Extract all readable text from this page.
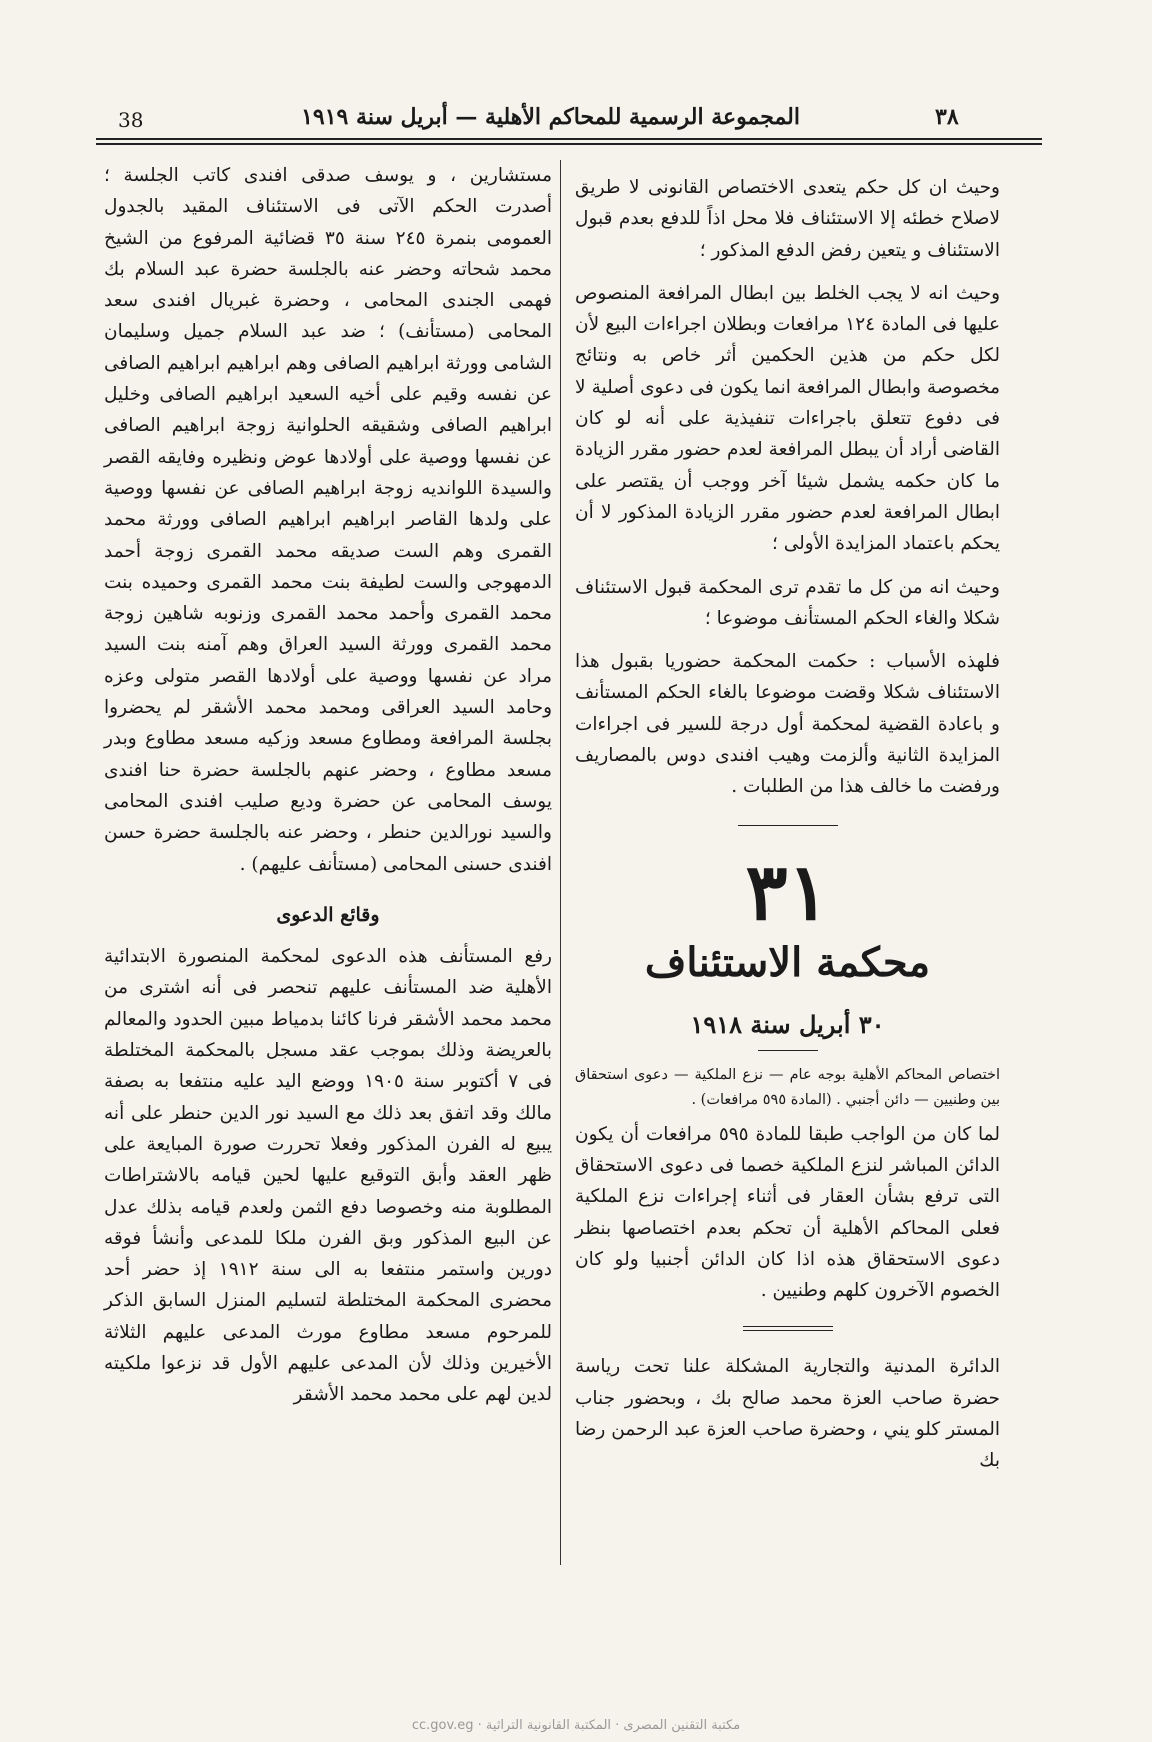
38	المجموعة الرسمية للمحاكم الأهلية — أبريل سنة ١٩١٩	٣٨

مستشارين ، و يوسف صدقى افندى كاتب الجلسة ؛ أصدرت الحكم الآتى فى الاستئناف المقيد بالجدول العمومى بنمرة ٢٤٥ سنة ٣٥ قضائية المرفوع من الشيخ محمد شحاته وحضر عنه بالجلسة حضرة عبد السلام بك فهمى الجندى المحامى ، وحضرة غبريال افندى سعد المحامى (مستأنف) ؛ ضد عبد السلام جميل وسليمان الشامى وورثة ابراهيم الصافى وهم ابراهيم ابراهيم الصافى عن نفسه وقيم على أخيه السعيد ابراهيم الصافى وخليل ابراهيم الصافى وشقيقه الحلوانية زوجة ابراهيم الصافى عن نفسها ووصية على أولادها عوض ونظيره وفايقه القصر والسيدة اللوانديه زوجة ابراهيم الصافى عن نفسها ووصية على ولدها القاصر ابراهيم ابراهيم الصافى وورثة محمد القمرى وهم الست صديقه محمد القمرى زوجة أحمد الدمهوجى والست لطيفة بنت محمد القمرى وحميده بنت محمد القمرى وأحمد محمد القمرى وزنوبه شاهين زوجة محمد القمرى وورثة السيد العراق وهم آمنه بنت السيد مراد عن نفسها ووصية على أولادها القصر متولى وعزه وحامد السيد العراقى ومحمد محمد الأشقر لم يحضروا بجلسة المرافعة ومطاوع مسعد وزكيه مسعد مطاوع وبدر مسعد مطاوع ، وحضر عنهم بالجلسة حضرة حنا افندى يوسف المحامى عن حضرة وديع صليب افندى المحامى والسيد نورالدين حنطر ، وحضر عنه بالجلسة حضرة حسن افندى حسنى المحامى (مستأنف عليهم) .

وقائع الدعوى

رفع المستأنف هذه الدعوى لمحكمة المنصورة الابتدائية الأهلية ضد المستأنف عليهم تنحصر فى أنه اشترى من محمد محمد الأشقر فرنا كائنا بدمياط مبين الحدود والمعالم بالعريضة وذلك بموجب عقد مسجل بالمحكمة المختلطة فى ٧ أكتوبر سنة ١٩٠٥ ووضع اليد عليه منتفعا به بصفة مالك وقد اتفق بعد ذلك مع السيد نور الدين حنطر على أنه يبيع له الفرن المذكور وفعلا تحررت صورة المبايعة على ظهر العقد وأبق التوقيع عليها لحين قيامه بالاشتراطات المطلوبة منه وخصوصا دفع الثمن ولعدم قيامه بذلك عدل عن البيع المذكور وبق الفرن ملكا للمدعى وأنشأ فوقه دورين واستمر منتفعا به الى سنة ١٩١٢ إذ حضر أحد محضرى المحكمة المختلطة لتسليم المنزل السابق الذكر للمرحوم مسعد مطاوع مورث المدعى عليهم الثلاثة الأخيرين وذلك لأن المدعى عليهم الأول قد نزعوا ملكيته لدين لهم على محمد محمد الأشقر

وحيث ان كل حكم يتعدى الاختصاص القانونى لا طريق لاصلاح خطئه إلا الاستئناف فلا محل اذاً للدفع بعدم قبول الاستئناف و يتعين رفض الدفع المذكور ؛

وحيث انه لا يجب الخلط بين ابطال المرافعة المنصوص عليها فى المادة ١٢٤ مرافعات وبطلان اجراءات البيع لأن لكل حكم من هذين الحكمين أثر خاص به ونتائج مخصوصة وابطال المرافعة انما يكون فى دعوى أصلية لا فى دفوع تتعلق باجراءات تنفيذية على أنه لو كان القاضى أراد أن يبطل المرافعة لعدم حضور مقرر الزيادة ما كان حكمه يشمل شيئا آخر ووجب أن يقتصر على ابطال المرافعة لعدم حضور مقرر الزيادة المذكور لا أن يحكم باعتماد المزايدة الأولى ؛

وحيث انه من كل ما تقدم ترى المحكمة قبول الاستئناف شكلا والغاء الحكم المستأنف موضوعا ؛

فلهذه الأسباب : حكمت المحكمة حضوريا بقبول هذا الاستئناف شكلا وقضت موضوعا بالغاء الحكم المستأنف و باعادة القضية لمحكمة أول درجة للسير فى اجراءات المزايدة الثانية وألزمت وهيب افندى دوس بالمصاريف ورفضت ما خالف هذا من الطلبات .

٣١
محكمة الاستئناف
٣٠ أبريل سنة ١٩١٨

اختصاص المحاكم الأهلية بوجه عام — نزع الملكية — دعوى استحقاق بين وطنيين — دائن أجنبي . (المادة ٥٩٥ مرافعات) .

لما كان من الواجب طبقا للمادة ٥٩٥ مرافعات أن يكون الدائن المباشر لنزع الملكية خصما فى دعوى الاستحقاق التى ترفع بشأن العقار فى أثناء إجراءات نزع الملكية فعلى المحاكم الأهلية أن تحكم بعدم اختصاصها بنظر دعوى الاستحقاق هذه اذا كان الدائن أجنبيا ولو كان الخصوم الآخرون كلهم وطنيين .

الدائرة المدنية والتجارية المشكلة علنا تحت رياسة حضرة صاحب العزة محمد صالح بك ، وبحضور جناب المستر كلو يني ، وحضرة صاحب العزة عبد الرحمن رضا بك

cc.gov.eg · مكتبة التقنين المصرى · المكتبة القانونية التراثية
